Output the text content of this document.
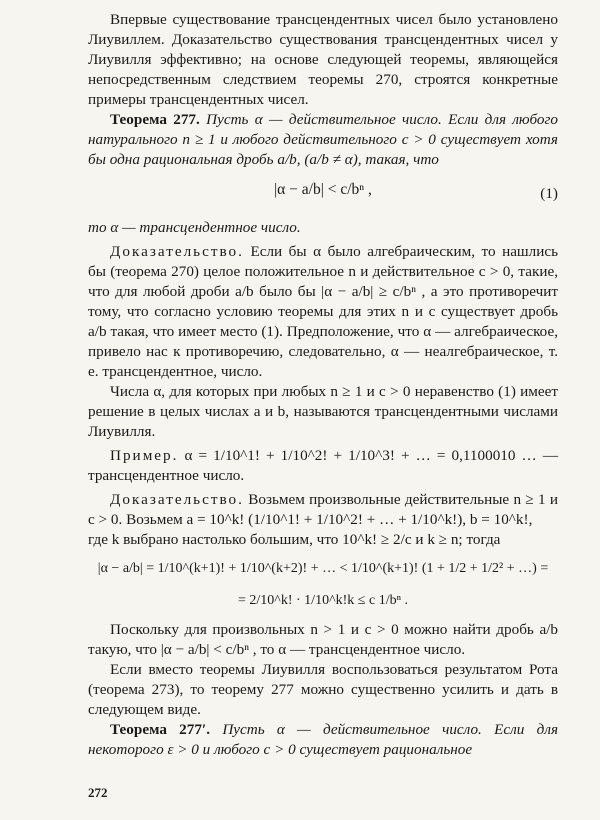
Впервые существование трансцендентных чисел было установлено Лиувиллем. Доказательство существования трансцендентных чисел у Лиувилля эффективно; на основе следующей теоремы, являющейся непосредственным следствием теоремы 270, строятся конкретные примеры трансцендентных чисел.

Теорема 277. Пусть α — действительное число. Если для любого натурального n ≥ 1 и любого действительного c > 0 существует хотя бы одна рациональная дробь a/b, (a/b ≠ α), такая, что

|α − a/b| < c/bⁿ ,	(1)

то α — трансцендентное число.

Доказательство. Если бы α было алгебраическим, то нашлись бы (теорема 270) целое положительное n и действительное c > 0, такие, что для любой дроби a/b было бы |α − a/b| ≥ c/bⁿ , а это противоречит тому, что согласно условию теоремы для этих n и c существует дробь a/b такая, что имеет место (1). Предположение, что α — алгебраическое, привело нас к противоречию, следовательно, α — неалгебраическое, т. е. трансцендентное, число.

Числа α, для которых при любых n ≥ 1 и c > 0 неравенство (1) имеет решение в целых числах a и b, называются трансцендентными числами Лиувилля.

Пример. α = 1/10^1! + 1/10^2! + 1/10^3! + … = 0,1100010 … — трансцендентное число.

Доказательство. Возьмем произвольные действительные n ≥ 1 и c > 0. Возьмем a = 10^k! (1/10^1! + 1/10^2! + … + 1/10^k!), b = 10^k!,

где k выбрано настолько большим, что 10^k! ≥ 2/c и k ≥ n; тогда

|α − a/b| = 1/10^(k+1)! + 1/10^(k+2)! + … < 1/10^(k+1)! (1 + 1/2 + 1/2² + …) =
= 2/10^k! · 1/10^k!k ≤ c 1/bⁿ .

Поскольку для произвольных n > 1 и c > 0 можно найти дробь a/b такую, что |α − a/b| < c/bⁿ , то α — трансцендентное число.

Если вместо теоремы Лиувилля воспользоваться результатом Рота (теорема 273), то теорему 277 можно существенно усилить и дать в следующем виде.

Теорема 277′. Пусть α — действительное число. Если для некоторого ε > 0 и любого c > 0 существует рациональное

272
